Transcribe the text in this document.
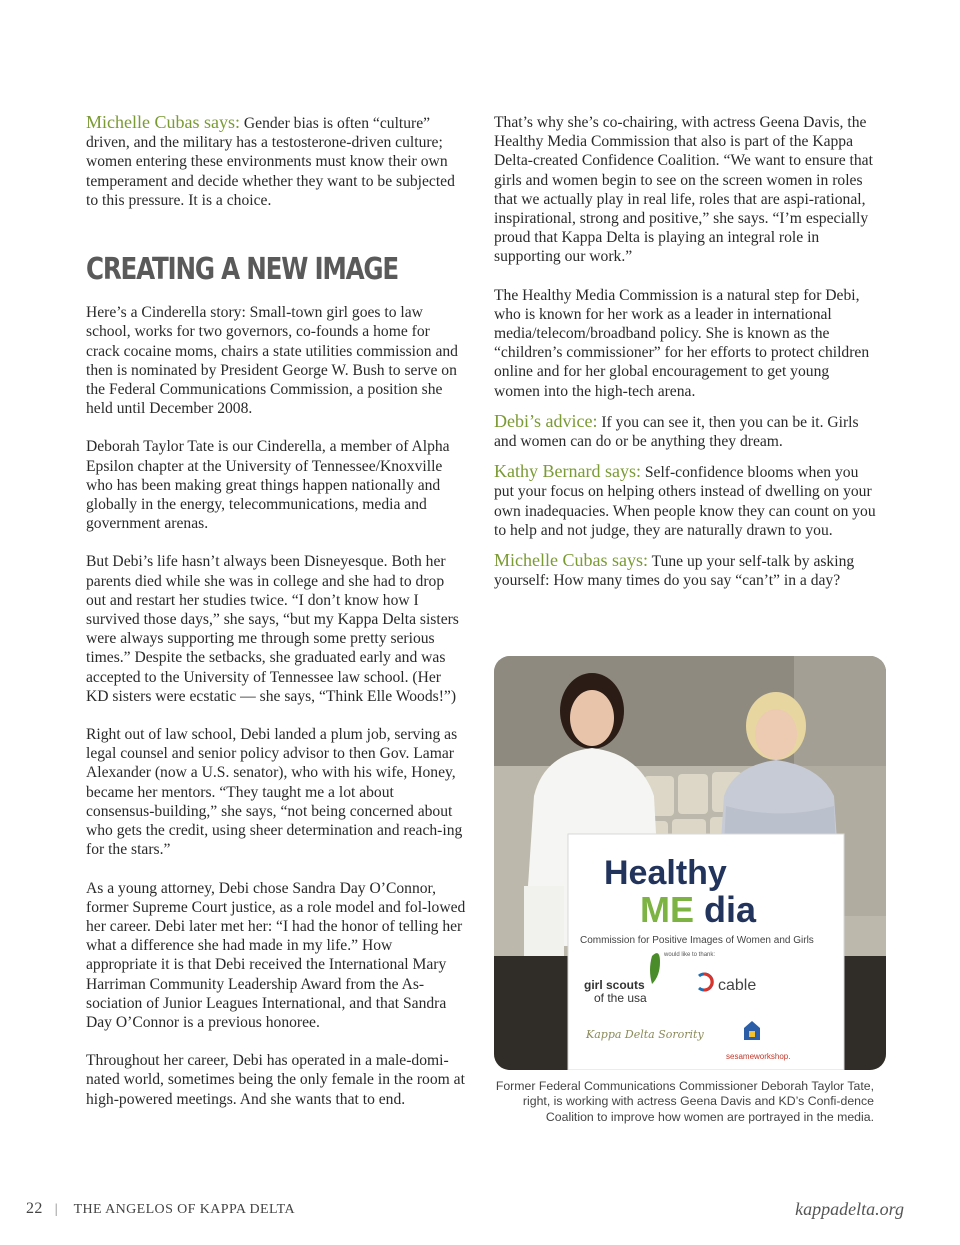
Michelle Cubas says: Gender bias is often “culture” driven, and the military has a testosterone-driven culture; women entering these environments must know their own temperament and decide whether they want to be subjected to this pressure. It is a choice.

CREATING A NEW IMAGE

Here’s a Cinderella story: Small-town girl goes to law school, works for two governors, co-founds a home for crack cocaine moms, chairs a state utilities commission and then is nominated by President George W. Bush to serve on the Federal Communications Commission, a position she held until December 2008.

Deborah Taylor Tate is our Cinderella, a member of Alpha Epsilon chapter at the University of Tennessee/Knoxville who has been making great things happen nationally and globally in the energy, telecommunications, media and government arenas.

But Debi’s life hasn’t always been Disneyesque. Both her parents died while she was in college and she had to drop out and restart her studies twice. “I don’t know how I survived those days,” she says, “but my Kappa Delta sisters were always supporting me through some pretty serious times.” Despite the setbacks, she graduated early and was accepted to the University of Tennessee law school. (Her KD sisters were ecstatic — she says, “Think Elle Woods!”)

Right out of law school, Debi landed a plum job, serving as legal counsel and senior policy advisor to then Gov. Lamar Alexander (now a U.S. senator), who with his wife, Honey, became her mentors. “They taught me a lot about consensus-building,” she says, “not being concerned about who gets the credit, using sheer determination and reach-ing for the stars.”

As a young attorney, Debi chose Sandra Day O’Connor, former Supreme Court justice, as a role model and fol-lowed her career. Debi later met her: “I had the honor of telling her what a difference she had made in my life.” How appropriate it is that Debi received the International Mary Harriman Community Leadership Award from the As-sociation of Junior Leagues International, and that Sandra Day O’Connor is a previous honoree.

Throughout her career, Debi has operated in a male-domi-nated world, sometimes being the only female in the room at high-powered meetings. And she wants that to end.

That’s why she’s co-chairing, with actress Geena Davis, the Healthy Media Commission that also is part of the Kappa Delta-created Confidence Coalition. “We want to ensure that girls and women begin to see on the screen women in roles that we actually play in real life, roles that are aspi-rational, inspirational, strong and positive,” she says. “I’m especially proud that Kappa Delta is playing an integral role in supporting our work.”

The Healthy Media Commission is a natural step for Debi, who is known for her work as a leader in international media/telecom/broadband policy. She is known as the “children’s commissioner” for her efforts to protect children online and for her global encouragement to get young women into the high-tech arena.

Debi’s advice: If you can see it, then you can be it. Girls and women can do or be anything they dream.

Kathy Bernard says: Self-confidence blooms when you put your focus on helping others instead of dwelling on your own inadequacies. When people know they can count on you to help and not judge, they are naturally drawn to you.

Michelle Cubas says: Tune up your self-talk by asking yourself: How many times do you say “can’t” in a day?

Healthy
ME dia
Commission for Positive Images of Women and Girls
would like to thank:
girl scouts
of the usa
cable
Kappa Delta Sorority
sesameworkshop.
Former Federal Communications Commissioner Deborah Taylor Tate, right, is working with actress Geena Davis and KD’s Confi-dence Coalition to improve how women are portrayed in the media.
22 | THE ANGELOS OF KAPPA DELTA	kappadelta.org
